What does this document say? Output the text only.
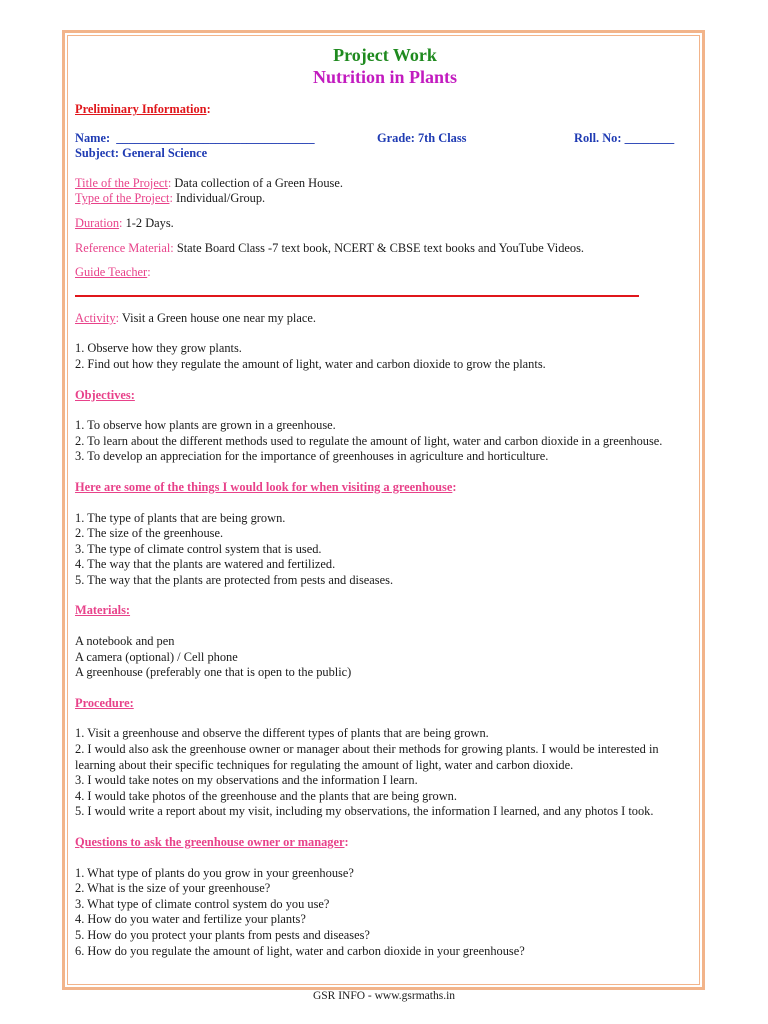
Project Work
Nutrition in Plants

Preliminary Information:

Name: ________________________________	Grade: 7th Class	Roll. No: ________

Subject: General Science

Title of the Project: Data collection of a Green House.

Type of the Project: Individual/Group.

Duration: 1-2 Days.

Reference Material: State Board Class -7 text book, NCERT & CBSE text books and YouTube Videos.

Guide Teacher:

Activity: Visit a Green house one near my place.

1. Observe how they grow plants.

2. Find out how they regulate the amount of light, water and carbon dioxide to grow the plants.

Objectives:

1. To observe how plants are grown in a greenhouse.

2. To learn about the different methods used to regulate the amount of light, water and carbon dioxide in a greenhouse.

3. To develop an appreciation for the importance of greenhouses in agriculture and horticulture.

Here are some of the things I would look for when visiting a greenhouse:

1. The type of plants that are being grown.

2. The size of the greenhouse.

3. The type of climate control system that is used.

4. The way that the plants are watered and fertilized.

5. The way that the plants are protected from pests and diseases.

Materials:

A notebook and pen

A camera (optional) / Cell phone

A greenhouse (preferably one that is open to the public)

Procedure:

1. Visit a greenhouse and observe the different types of plants that are being grown.

2. I would also ask the greenhouse owner or manager about their methods for growing plants. I would be interested in learning about their specific techniques for regulating the amount of light, water and carbon dioxide.

3. I would take notes on my observations and the information I learn.

4. I would take photos of the greenhouse and the plants that are being grown.

5. I would write a report about my visit, including my observations, the information I learned, and any photos I took.

Questions to ask the greenhouse owner or manager:

1. What type of plants do you grow in your greenhouse?

2. What is the size of your greenhouse?

3. What type of climate control system do you use?

4. How do you water and fertilize your plants?

5. How do you protect your plants from pests and diseases?

6. How do you regulate the amount of light, water and carbon dioxide in your greenhouse?

GSR INFO - www.gsrmaths.in
